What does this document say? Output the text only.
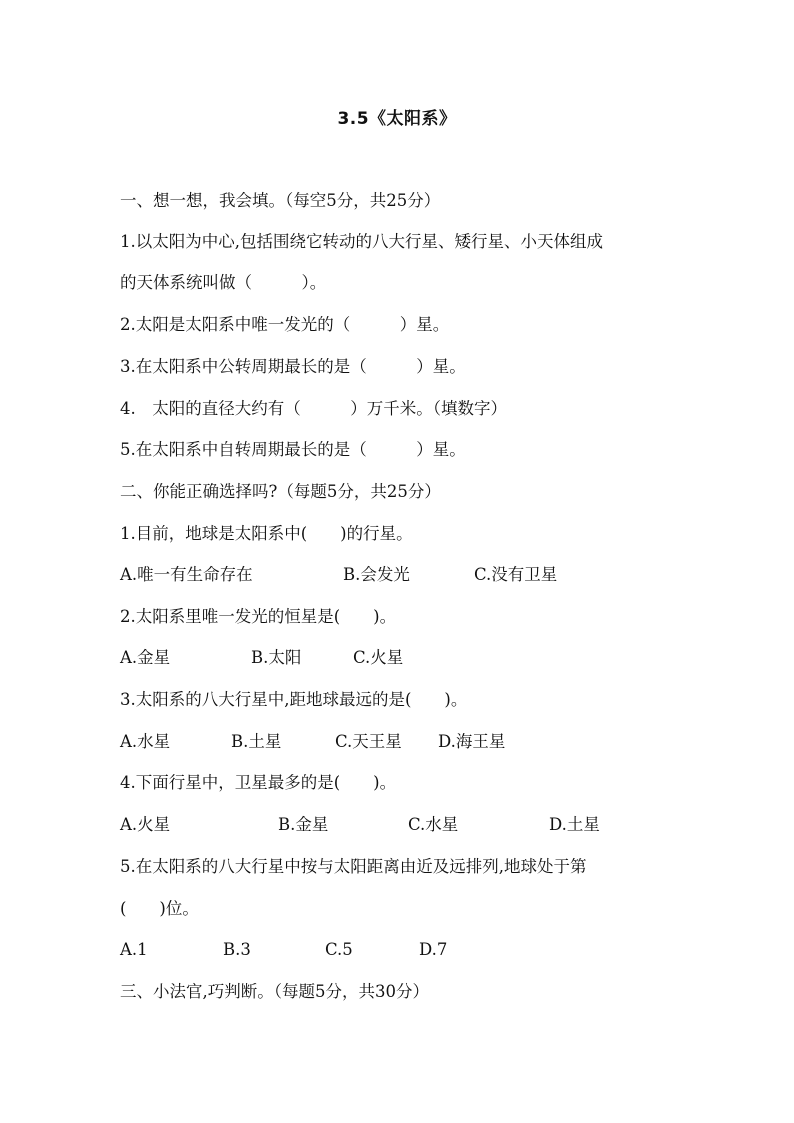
3.5《太阳系》
一、想一想，我会填。（每空5分，共25分）
1.以太阳为中心,包括围绕它转动的八大行星、矮行星、小天体组成
的天体系统叫做（　　　）。
2.太阳是太阳系中唯一发光的（　　　）星。
3.在太阳系中公转周期最长的是（　　　）星。
4.　太阳的直径大约有（　　　）万千米。（填数字）
5.在太阳系中自转周期最长的是（　　　）星。
二、你能正确选择吗?（每题5分，共25分）
1.目前，地球是太阳系中(　　)的行星。
A.唯一有生命存在	B.会发光	C.没有卫星
2.太阳系里唯一发光的恒星是(　　)。
A.金星	B.太阳	C.火星
3.太阳系的八大行星中,距地球最远的是(　　)。
A.水星	B.土星	C.天王星 D.海王星
4.下面行星中，卫星最多的是(　　)。
A.火星	B.金星	C.水星	D.土星
5.在太阳系的八大行星中按与太阳距离由近及远排列,地球处于第
(　　)位。
A.1	B.3	C.5	D.7
三、小法官,巧判断。（每题5分，共30分）
